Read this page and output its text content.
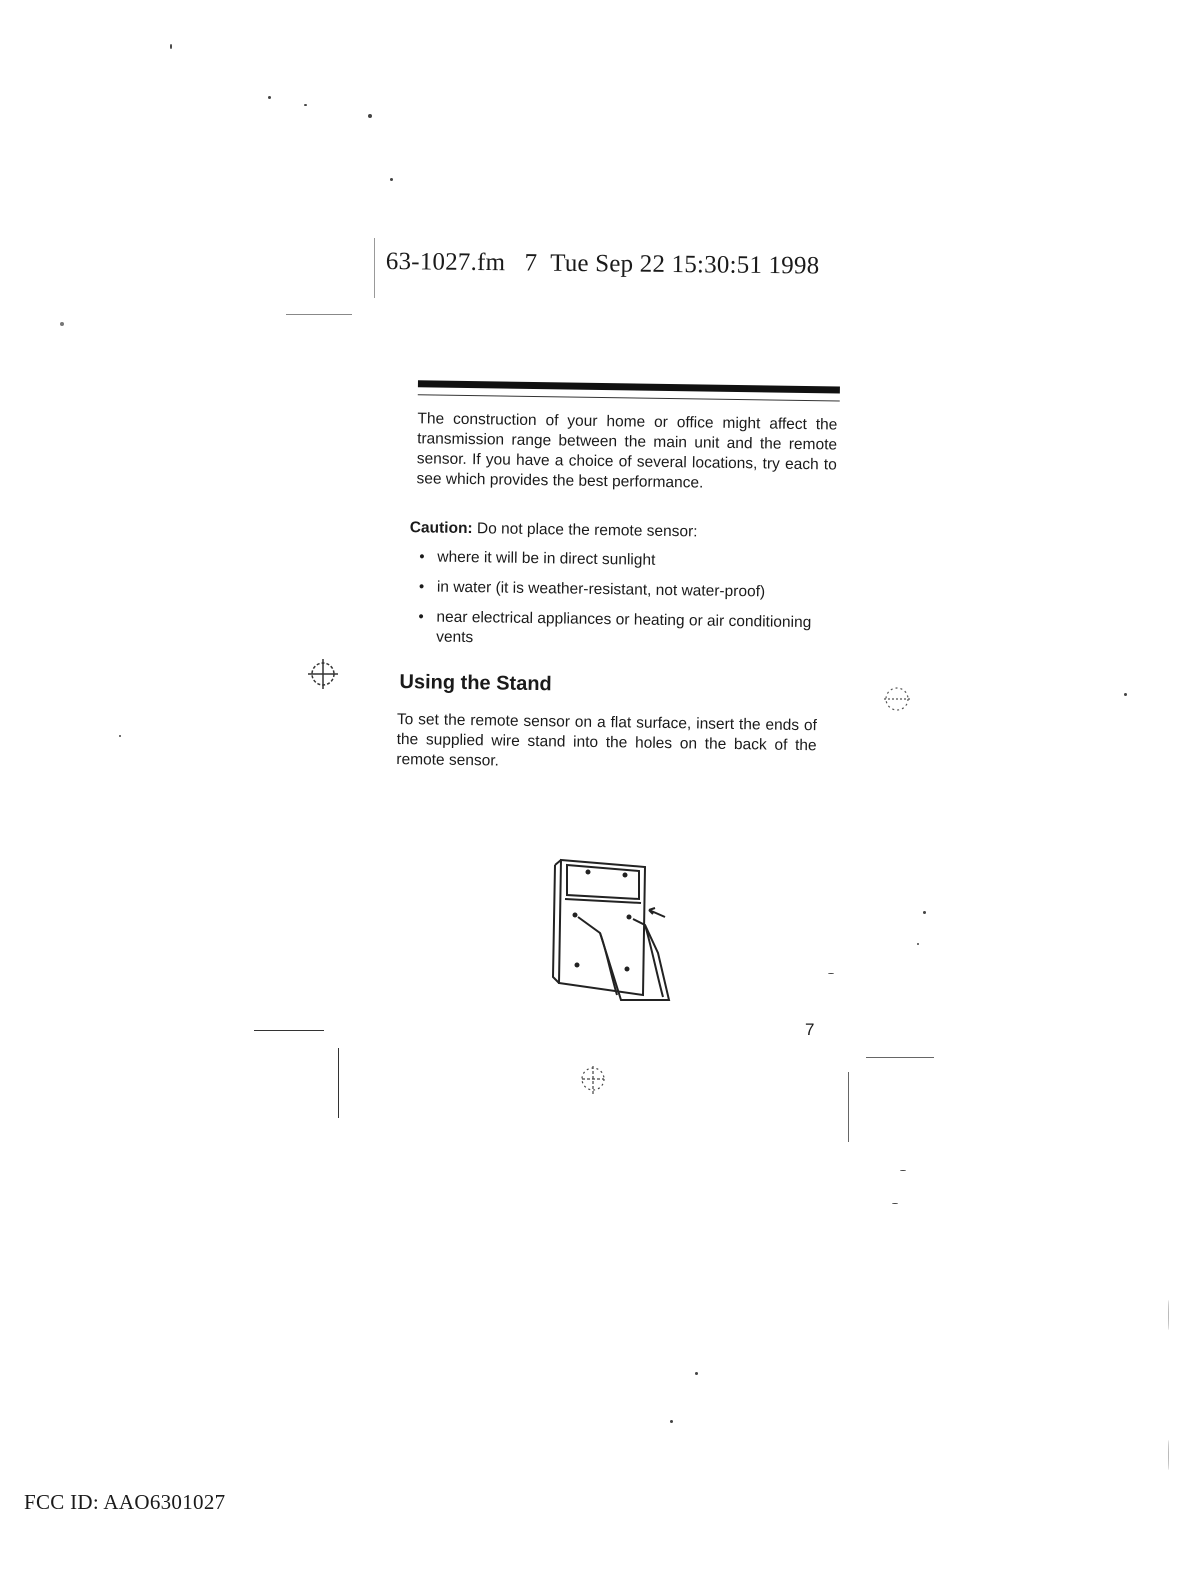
63-1027.fm 7 Tue Sep 22 15:30:51 1998

The construction of your home or office might affect the transmission range between the main unit and the remote sensor. If you have a choice of several locations, try each to see which provides the best performance.

Caution: Do not place the remote sensor:

• where it will be in direct sunlight
• in water (it is weather-resistant, not water-proof)
• near electrical appliances or heating or air conditioning vents
Using the Stand

To set the remote sensor on a flat surface, insert the ends of the supplied wire stand into the holes on the back of the remote sensor.

7
FCC ID: AAO6301027
